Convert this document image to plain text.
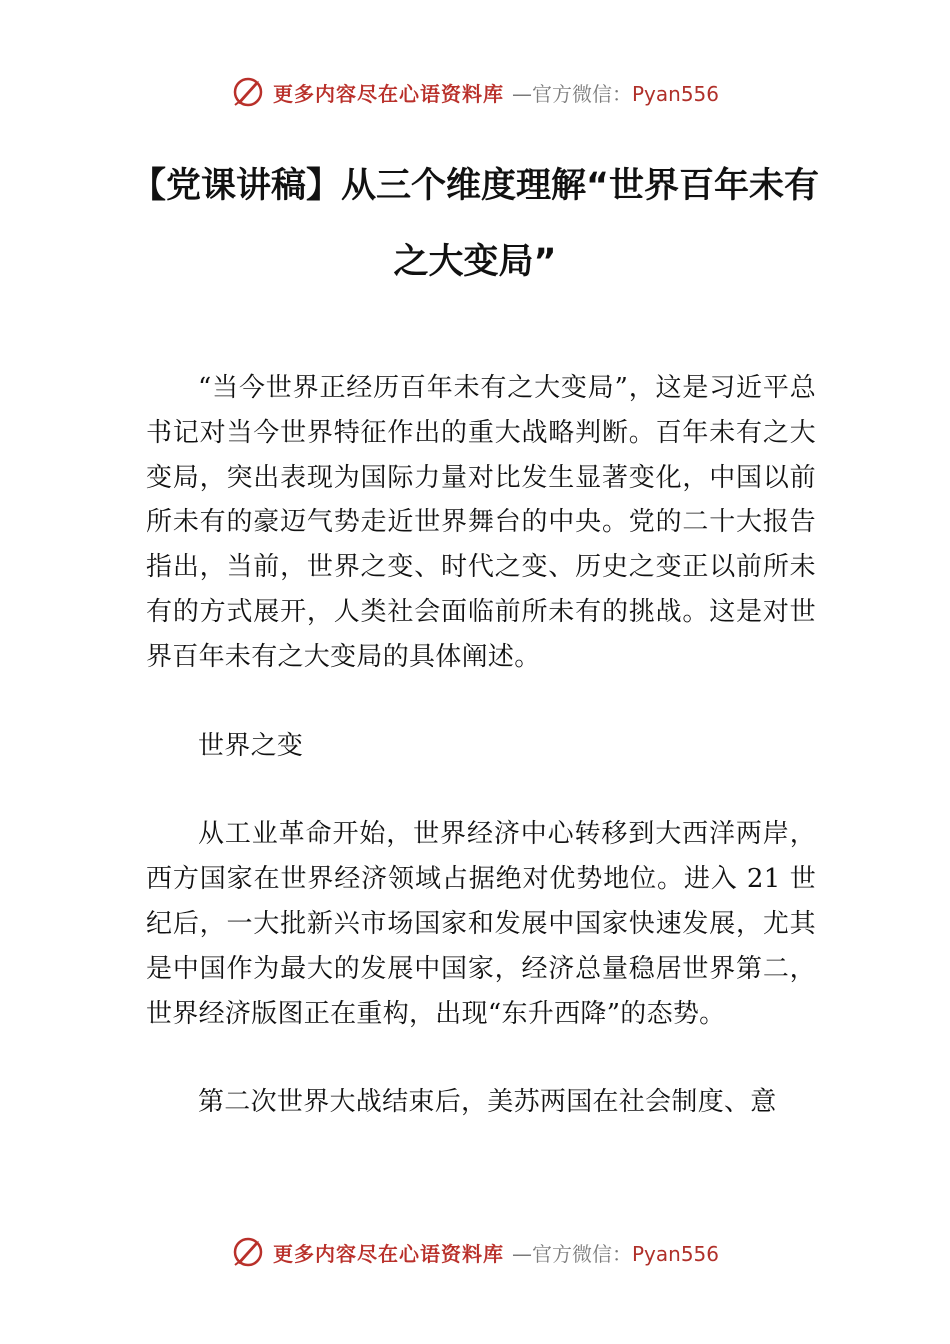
更多内容尽在心语资料库 —官方微信：Pyan556
【党课讲稿】从三个维度理解“世界百年未有之大变局”

“当今世界正经历百年未有之大变局”，这是习近平总书记对当今世界特征作出的重大战略判断。百年未有之大变局，突出表现为国际力量对比发生显著变化，中国以前所未有的豪迈气势走近世界舞台的中央。党的二十大报告指出，当前，世界之变、时代之变、历史之变正以前所未有的方式展开，人类社会面临前所未有的挑战。这是对世界百年未有之大变局的具体阐述。

世界之变

从工业革命开始，世界经济中心转移到大西洋两岸，西方国家在世界经济领域占据绝对优势地位。进入 21 世纪后，一大批新兴市场国家和发展中国家快速发展，尤其是中国作为最大的发展中国家，经济总量稳居世界第二，世界经济版图正在重构，出现“东升西降”的态势。

第二次世界大战结束后，美苏两国在社会制度、意

更多内容尽在心语资料库 —官方微信：Pyan556
